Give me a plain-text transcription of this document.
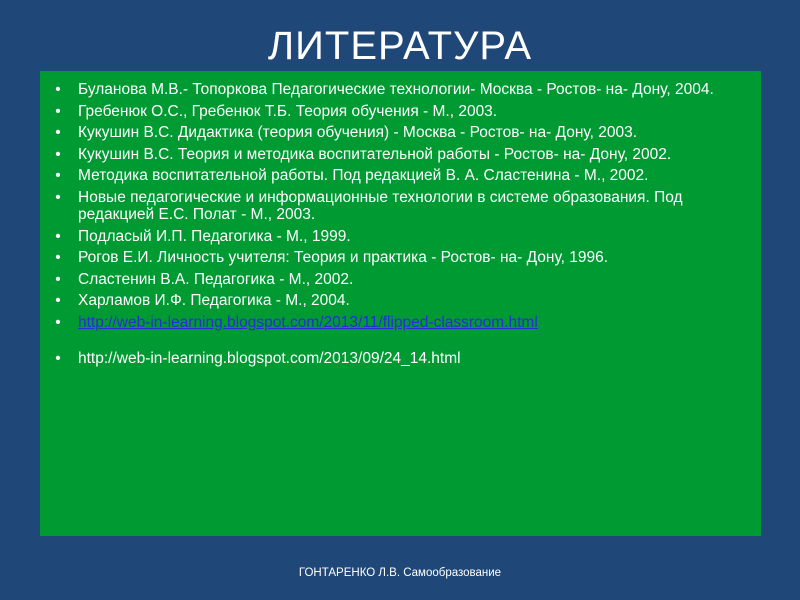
ЛИТЕРАТУРА
• Буланова М.В.- Топоркова Педагогические технологии- Москва - Ростов- на- Дону, 2004.
• Гребенюк О.С., Гребенюк Т.Б. Теория обучения - М., 2003.
• Кукушин В.С. Дидактика (теория обучения) - Москва - Ростов- на- Дону, 2003.
• Кукушин В.С. Теория и методика воспитательной работы - Ростов- на- Дону, 2002.
• Методика воспитательной работы. Под редакцией В. А. Сластенина - М., 2002.
• Новые педагогические и информационные технологии в системе образования. Под редакцией Е.С. Полат - М., 2003.
• Подласый И.П. Педагогика - М., 1999.
• Рогов Е.И. Личность учителя: Теория и практика - Ростов- на- Дону, 1996.
• Сластенин В.А. Педагогика - М., 2002.
• Харламов И.Ф. Педагогика - М., 2004.
• http://web-in-learning.blogspot.com/2013/11/flipped-classroom.html
• http://web-in-learning.blogspot.com/2013/09/24_14.html
ГОНТАРЕНКО Л.В. Самообразование
